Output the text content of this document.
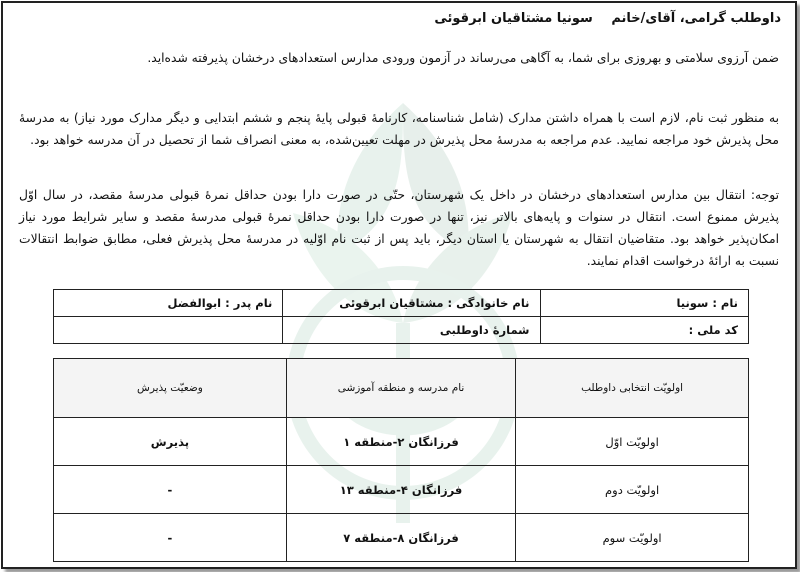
داوطلب گرامی، آقای/خانم سونیا مشتاقیان ابرقوئی
ضمن آرزوی سلامتی و بهروزی برای شما، به آگاهی می‌رساند در آزمون ورودی مدارس استعدادهای درخشان پذیرفته شده‌اید.
به منظور ثبت نام، لازم است با همراه داشتن مدارک (شامل شناسنامه، کارنامهٔ قبولی پایهٔ پنجم و ششم ابتدایی و دیگر مدارک مورد نیاز) به مدرسهٔ محل پذیرش خود مراجعه نمایید. عدم مراجعه به مدرسهٔ محل پذیرش در مهلت تعیین‌شده، به معنی انصراف شما از تحصیل در آن مدرسه خواهد بود.
توجه: انتقال بین مدارس استعدادهای درخشان در داخل یک شهرستان، حتّی در صورت دارا بودن حداقل نمرهٔ قبولی مدرسهٔ مقصد، در سال اوّل پذیرش ممنوع است. انتقال در سنوات و پایه‌های بالاتر نیز، تنها در صورت دارا بودن حداقل نمرهٔ قبولی مدرسهٔ مقصد و سایر شرایط مورد نیاز امکان‌پذیر خواهد بود. متقاضیان انتقال به شهرستان یا استان دیگر، باید پس از ثبت نام اوّلیه در مدرسهٔ محل پذیرش فعلی، مطابق ضوابط انتقالات نسبت به ارائهٔ درخواست اقدام نمایند.
نام : سونیا	نام خانوادگی : مشتاقیان ابرقوئی	نام پدر : ابوالفضل
کد ملی :	شمارهٔ داوطلبی	
اولویّت انتخابی داوطلب	نام مدرسه و منطقه آموزشی	وضعیّت پذیرش
اولویّت اوّل	فرزانگان ۲-منطقه ۱	پذیرش
اولویّت دوم	فرزانگان ۴-منطقه ۱۳	-
اولویّت سوم	فرزانگان ۸-منطقه ۷	-
